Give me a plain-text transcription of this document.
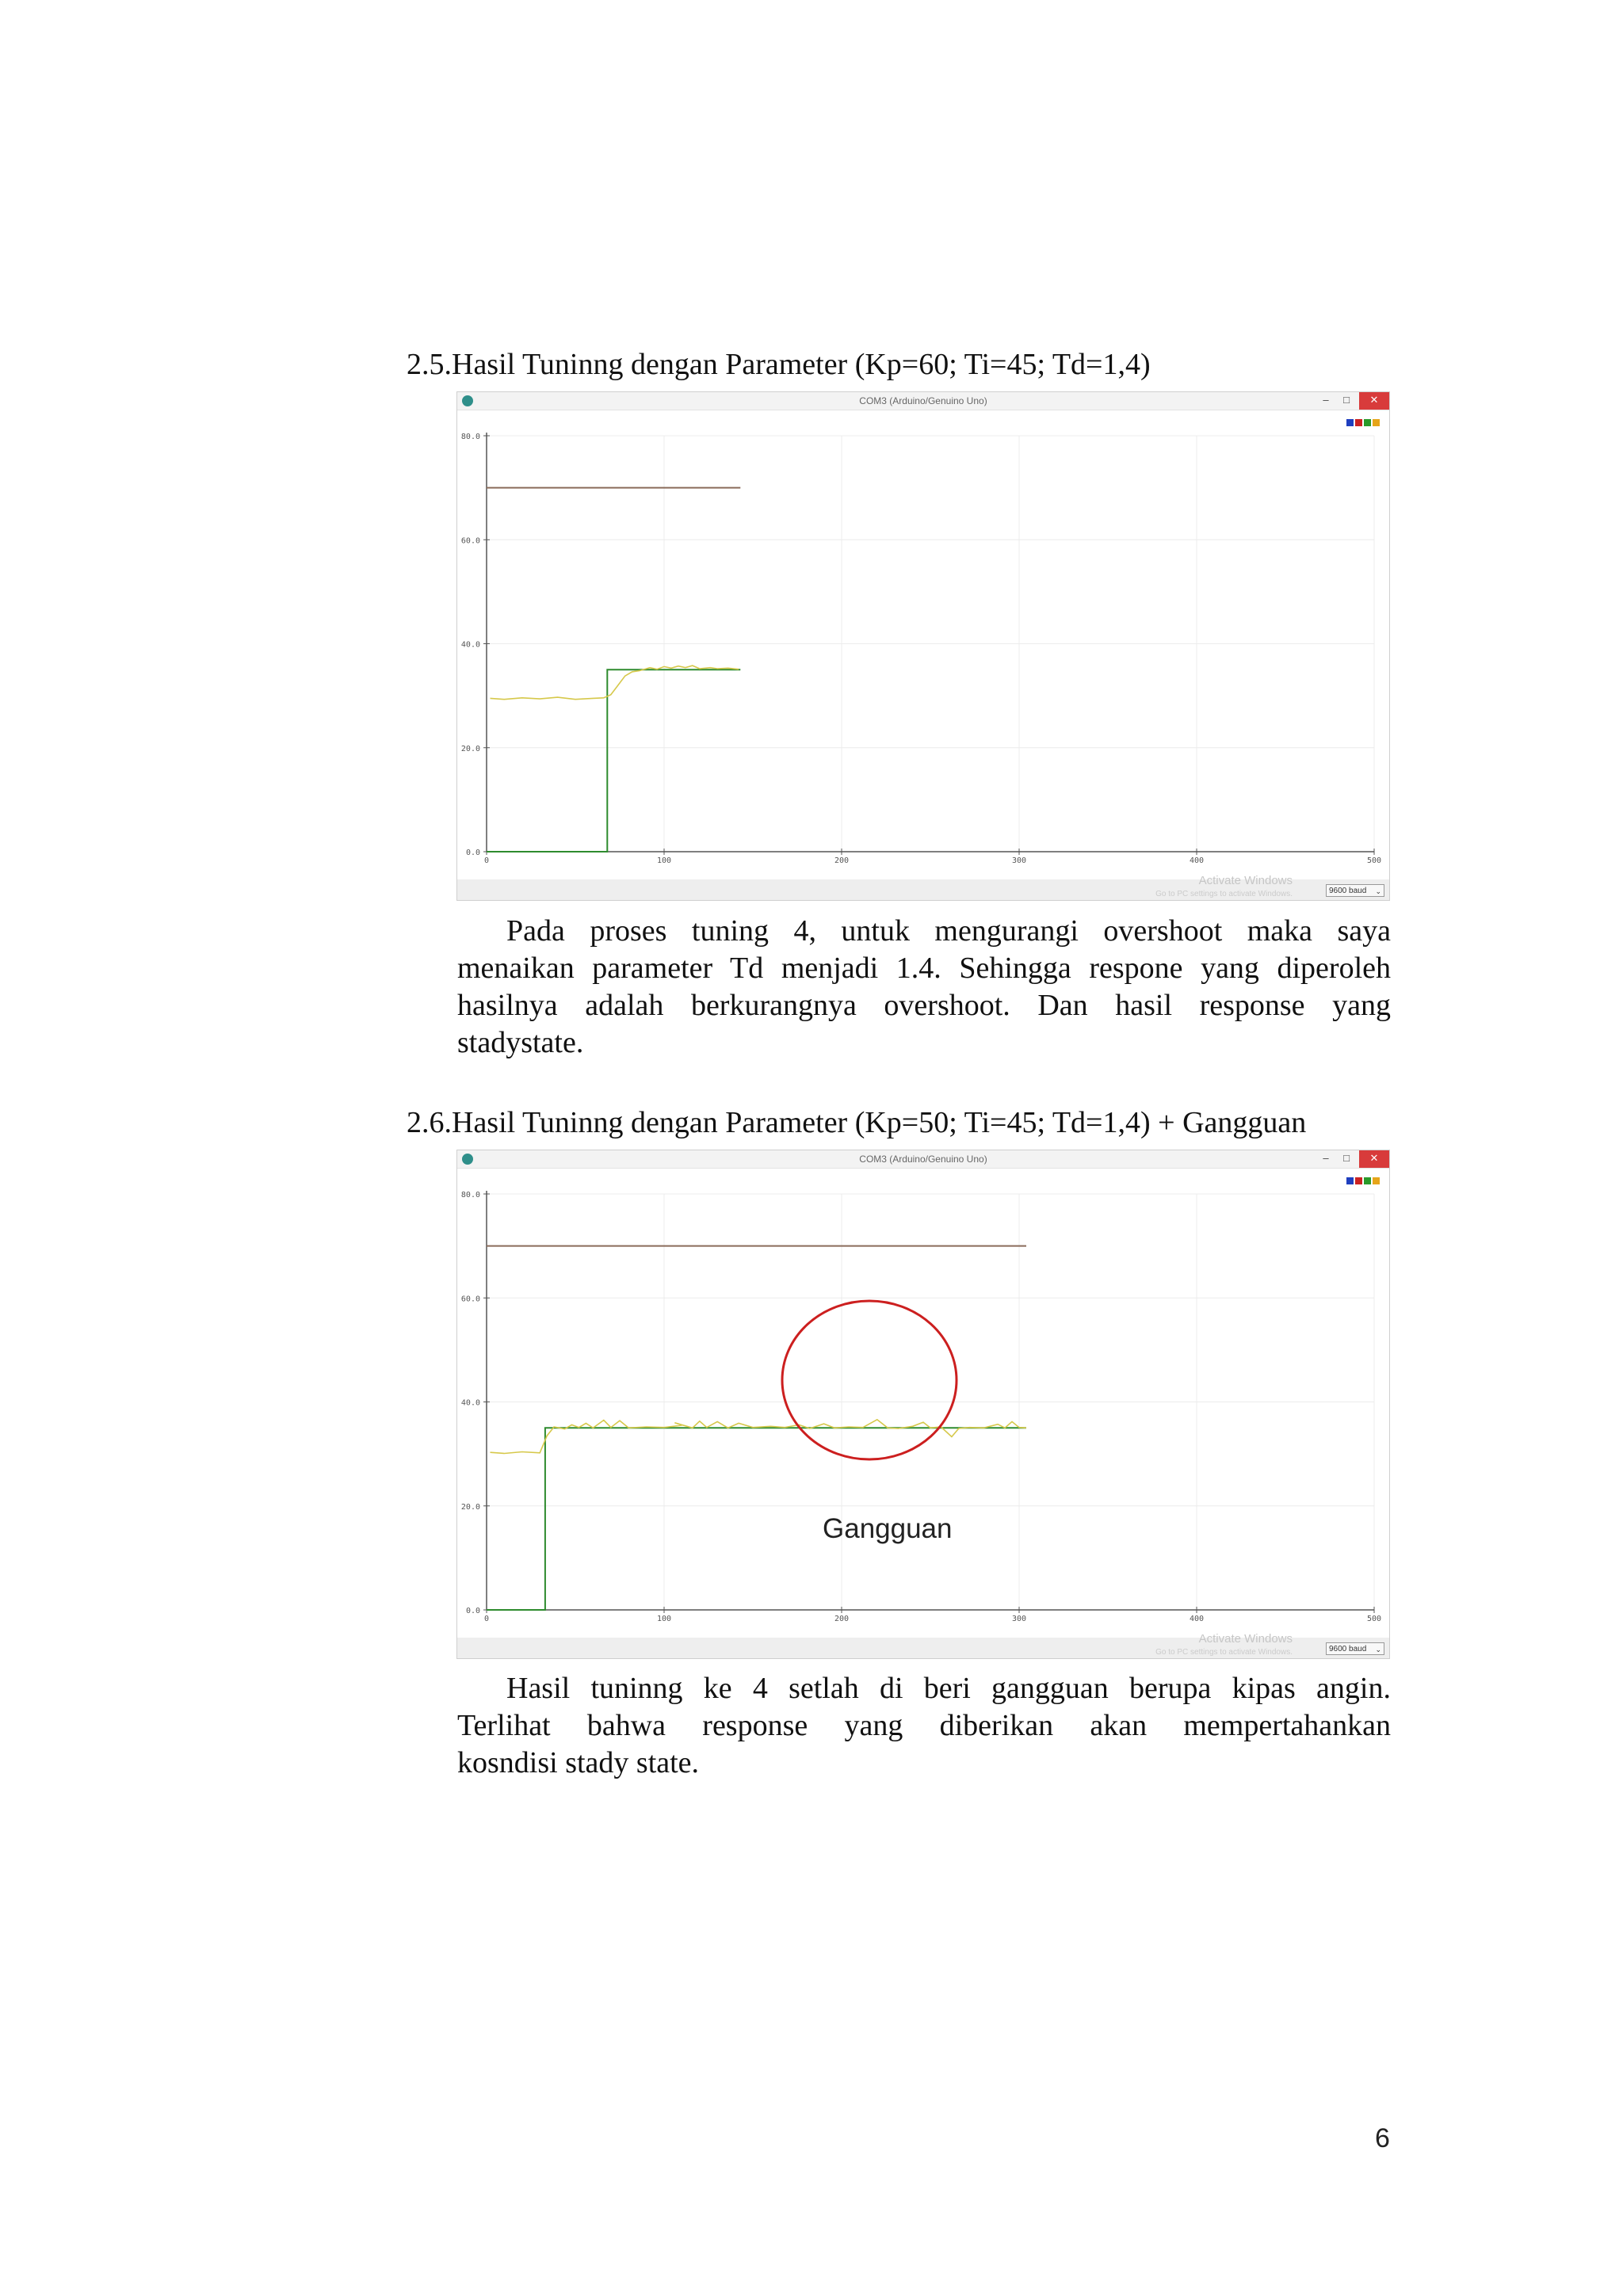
2.5.Hasil Tuninng dengan Parameter (Kp=60; Ti=45; Td=1,4)
COM3 (Arduino/Genuino Uno)	–	□	✕
0.0
20.0
40.0
60.0
80.0
0	100	200	300	400	500
Activate Windows
Go to PC settings to activate Windows.	9600 baud ⌄
Pada proses tuning 4, untuk mengurangi overshoot maka saya
menaikan parameter Td menjadi 1.4. Sehingga respone yang diperoleh
hasilnya adalah berkurangnya overshoot. Dan hasil response yang
stadystate.
2.6.Hasil Tuninng dengan Parameter (Kp=50; Ti=45; Td=1,4) + Gangguan
COM3 (Arduino/Genuino Uno)	–	□	✕
0.0
20.0
40.0
60.0
80.0
0	100	200	300	400	500
Gangguan
Activate Windows
Go to PC settings to activate Windows.	9600 baud ⌄
Hasil tuninng ke 4 setlah di beri gangguan berupa kipas angin.
Terlihat bahwa response yang diberikan akan mempertahankan
kosndisi stady state.
6
